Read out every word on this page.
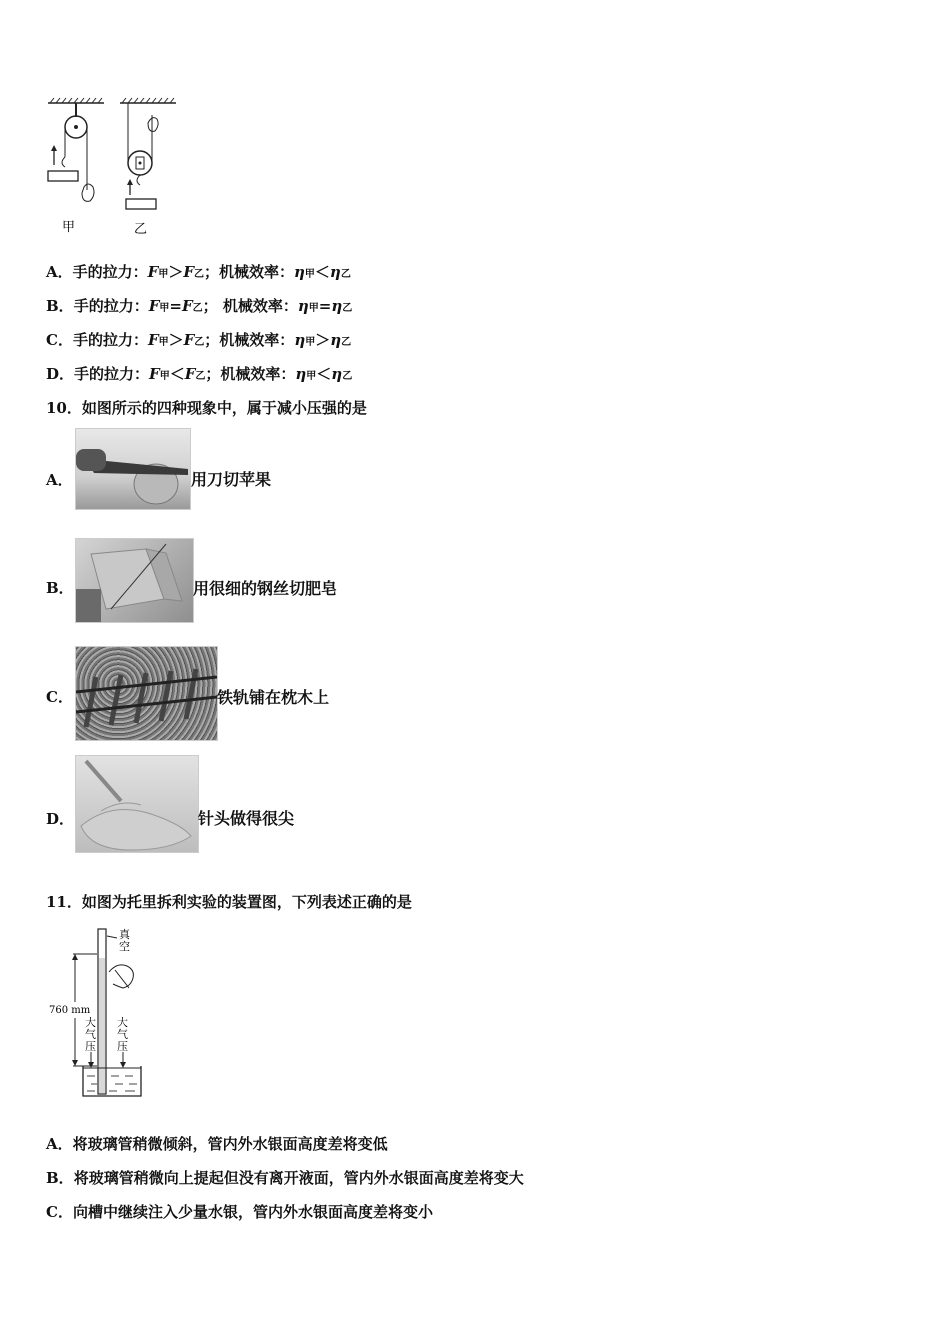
甲	乙
A．手的拉力：F甲＞F乙；机械效率：η甲＜η乙
B．手的拉力：F甲=F乙； 机械效率：η甲=η乙
C．手的拉力：F甲＞F乙；机械效率：η甲＞η乙
D．手的拉力：F甲＜F乙；机械效率：η甲＜η乙
10．如图所示的四种现象中，属于减小压强的是
A．	用刀切苹果
B．	用很细的钢丝切肥皂
C．	铁轨铺在枕木上
D．	针头做得很尖
11．如图为托里拆利实验的装置图，下列表述正确的是
760 mm
真空
大气压
大气压
A．将玻璃管稍微倾斜，管内外水银面高度差将变低
B．将玻璃管稍微向上提起但没有离开液面，管内外水银面高度差将变大
C．向槽中继续注入少量水银，管内外水银面高度差将变小
